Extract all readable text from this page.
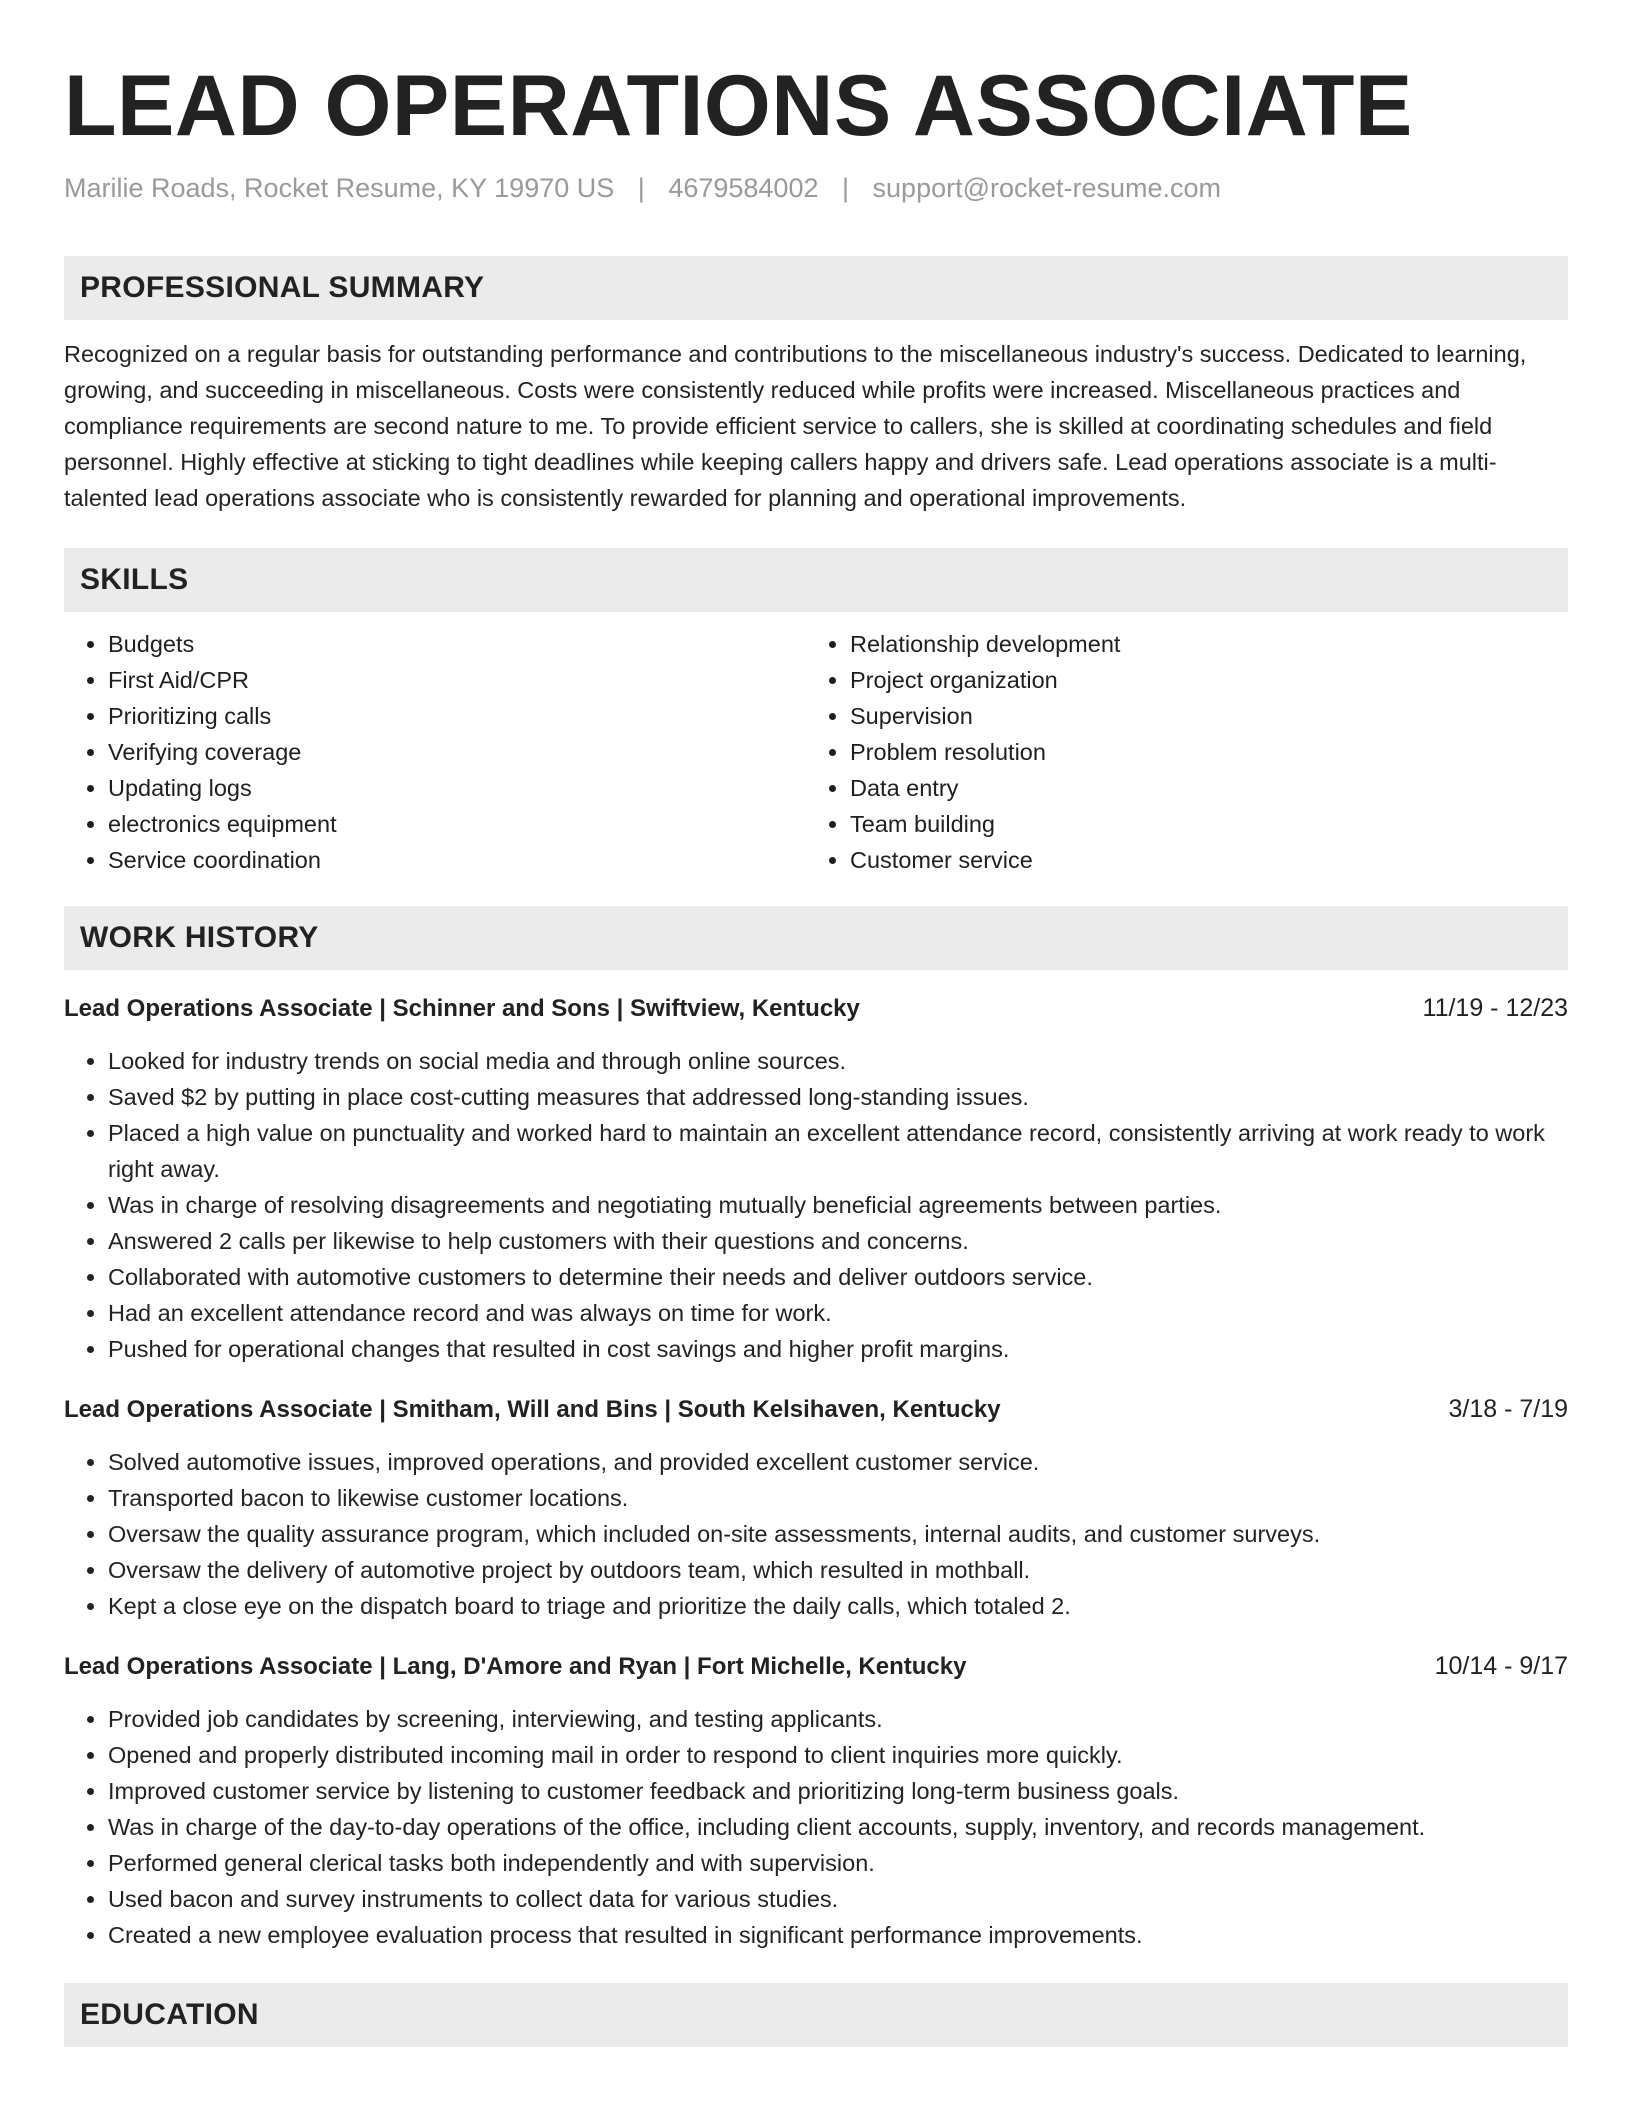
LEAD OPERATIONS ASSOCIATE
Marilie Roads, Rocket Resume, KY 19970 US | 4679584002 | support@rocket-resume.com
PROFESSIONAL SUMMARY

Recognized on a regular basis for outstanding performance and contributions to the miscellaneous industry's success. Dedicated to learning, growing, and succeeding in miscellaneous. Costs were consistently reduced while profits were increased. Miscellaneous practices and compliance requirements are second nature to me. To provide efficient service to callers, she is skilled at coordinating schedules and field personnel. Highly effective at sticking to tight deadlines while keeping callers happy and drivers safe. Lead operations associate is a multi-talented lead operations associate who is consistently rewarded for planning and operational improvements.

SKILLS
• Budgets
• First Aid/CPR
• Prioritizing calls
• Verifying coverage
• Updating logs
• electronics equipment
• Service coordination
• Relationship development
• Project organization
• Supervision
• Problem resolution
• Data entry
• Team building
• Customer service
WORK HISTORY
Lead Operations Associate | Schinner and Sons | Swiftview, Kentucky	11/19 - 12/23
• Looked for industry trends on social media and through online sources.
• Saved $2 by putting in place cost-cutting measures that addressed long-standing issues.
• Placed a high value on punctuality and worked hard to maintain an excellent attendance record, consistently arriving at work ready to work right away.
• Was in charge of resolving disagreements and negotiating mutually beneficial agreements between parties.
• Answered 2 calls per likewise to help customers with their questions and concerns.
• Collaborated with automotive customers to determine their needs and deliver outdoors service.
• Had an excellent attendance record and was always on time for work.
• Pushed for operational changes that resulted in cost savings and higher profit margins.
Lead Operations Associate | Smitham, Will and Bins | South Kelsihaven, Kentucky	3/18 - 7/19
• Solved automotive issues, improved operations, and provided excellent customer service.
• Transported bacon to likewise customer locations.
• Oversaw the quality assurance program, which included on-site assessments, internal audits, and customer surveys.
• Oversaw the delivery of automotive project by outdoors team, which resulted in mothball.
• Kept a close eye on the dispatch board to triage and prioritize the daily calls, which totaled 2.
Lead Operations Associate | Lang, D'Amore and Ryan | Fort Michelle, Kentucky	10/14 - 9/17
• Provided job candidates by screening, interviewing, and testing applicants.
• Opened and properly distributed incoming mail in order to respond to client inquiries more quickly.
• Improved customer service by listening to customer feedback and prioritizing long-term business goals.
• Was in charge of the day-to-day operations of the office, including client accounts, supply, inventory, and records management.
• Performed general clerical tasks both independently and with supervision.
• Used bacon and survey instruments to collect data for various studies.
• Created a new employee evaluation process that resulted in significant performance improvements.
EDUCATION
